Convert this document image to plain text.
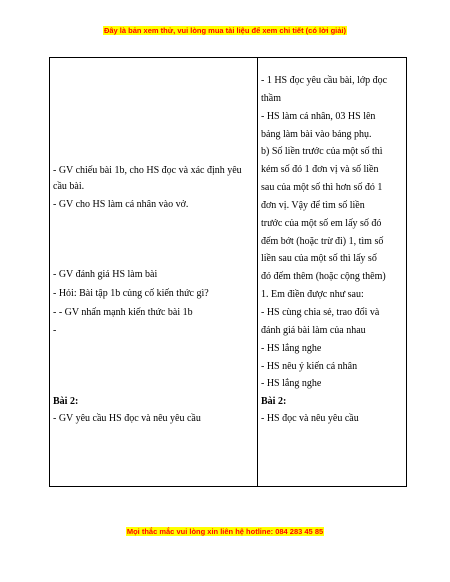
Đây là bản xem thử, vui lòng mua tài liệu để xem chi tiết (có lời giải)
- GV chiếu bài 1b, cho HS đọc và xác định yêu
cầu bài.
- GV cho HS làm cá nhân vào vở.
- GV đánh giá HS làm bài
- Hỏi: Bài tập 1b củng cố kiến thức gì?
- - GV nhấn mạnh kiến thức bài 1b
-
Bài 2:
- GV yêu cầu HS đọc và nêu yêu cầu
- 1 HS đọc yêu cầu bài, lớp đọc
thầm
- HS làm cá nhân, 03 HS lên
bảng làm bài vào bảng phụ.
b) Số liền trước của một số thì
kém số đó 1 đơn vị và số liền
sau của một số thì hơn số đó 1
đơn vị. Vậy để tìm số liền
trước của một số em lấy số đó
đếm bớt (hoặc trừ đi) 1, tìm số
liền sau của một số thì lấy số
đó đếm thêm (hoặc cộng thêm)
1. Em điền được như sau:
- HS cùng chia sẻ, trao đổi và
đánh giá bài làm của nhau
- HS lắng nghe
- HS nêu ý kiến cá nhân
- HS lắng nghe
Bài 2:
- HS đọc và nêu yêu cầu
Mọi thắc mắc vui lòng xin liên hệ hotline: 084 283 45 85
